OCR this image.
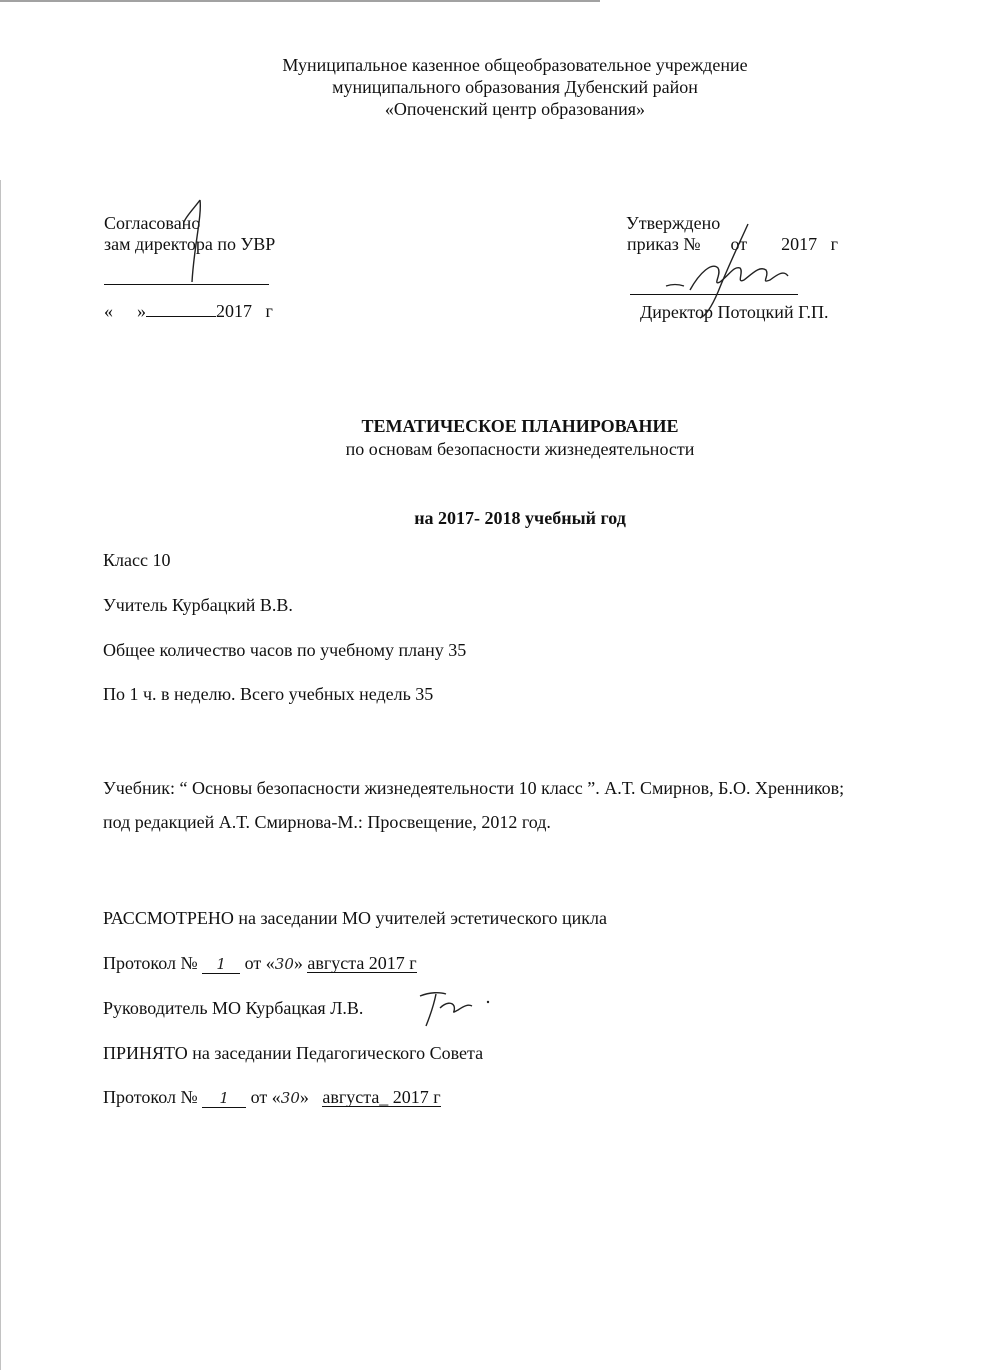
Муниципальное казенное общеобразовательное учреждение
муниципального образования Дубенский район
«Опоченский центр образования»
Согласовано
зам директора по УВР
« »	2017 г
Утверждено
приказ № от 2017 г
Директор Потоцкий Г.П.
ТЕМАТИЧЕСКОЕ ПЛАНИРОВАНИЕ
по основам безопасности жизнедеятельности
на 2017- 2018 учебный год
Класс 10
Учитель Курбацкий В.В.
Общее количество часов по учебному плану 35
По 1 ч. в неделю. Всего учебных недель 35
Учебник: “ Основы безопасности жизнедеятельности 10 класс ”. А.Т. Смирнов, Б.О. Хренников;
под редакцией А.Т. Смирнова-М.: Просвещение, 2012 год.
РАССМОТРЕНО на заседании МО учителей эстетического цикла
Протокол № 1 от «30» августа 2017 г
Руководитель МО Курбацкая Л.В.
ПРИНЯТО на заседании Педагогического Совета
Протокол № 1 от «30» августа_ 2017 г
